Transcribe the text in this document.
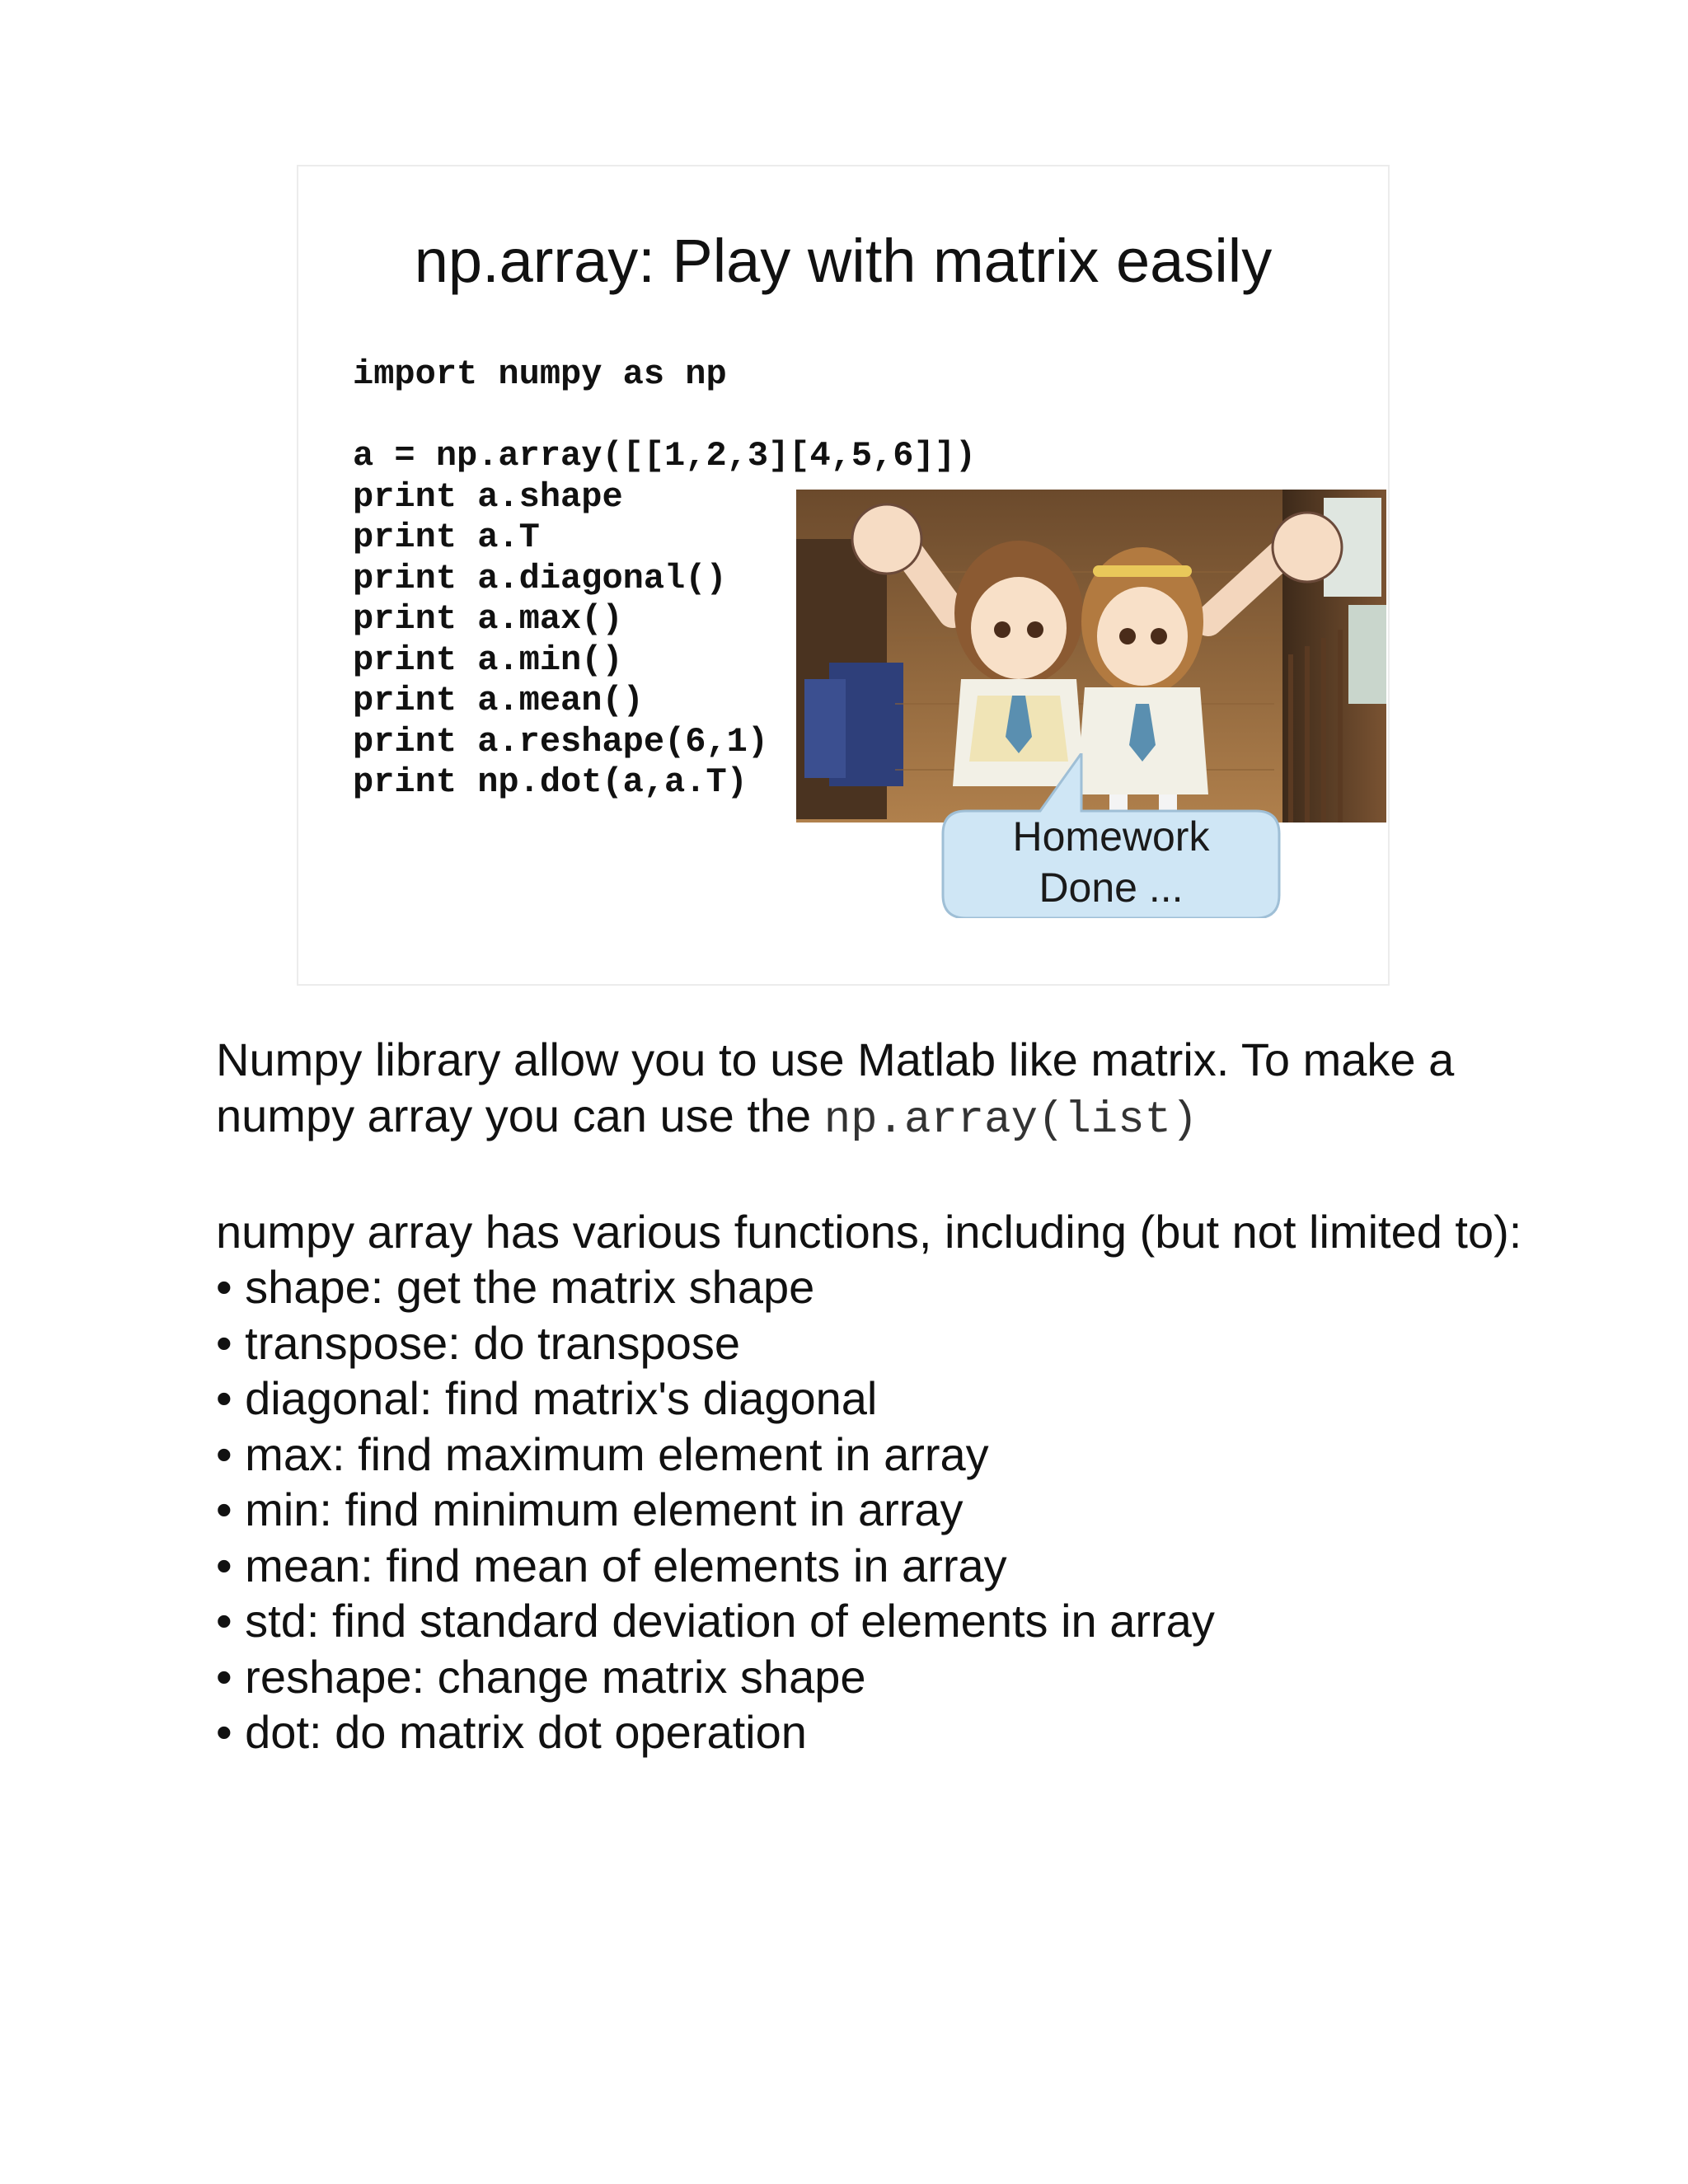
np.array: Play with matrix easily
import numpy as np
a = np.array([[1,2,3][4,5,6]])
print a.shape
print a.T
print a.diagonal()
print a.max()
print a.min()
print a.mean()
print a.reshape(6,1)
print np.dot(a,a.T)
Homework
Done ...

Numpy library allow you to use Matlab like matrix. To make a numpy array you can use the np.array(list)

numpy array has various functions, including (but not limited to):

• shape: get the matrix shape
• transpose: do transpose
• diagonal: find matrix's diagonal
• max: find maximum element in array
• min: find minimum element in array
• mean: find mean of elements in array
• std: find standard deviation of elements in array
• reshape: change matrix shape
• dot: do matrix dot operation
